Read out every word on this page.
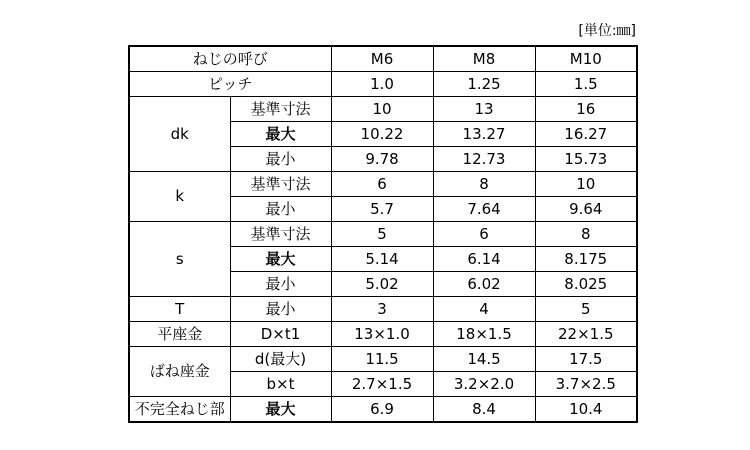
[単位:㎜]
ねじの呼び		M6	M8	M10
ピッチ		1.0	1.25	1.5
dk	基準寸法	10	13	16
	最大	10.22	13.27	16.27
	最小	9.78	12.73	15.73
k	基準寸法	6	8	10
	最小	5.7	7.64	9.64
s	基準寸法	5	6	8
	最大	5.14	6.14	8.175
	最小	5.02	6.02	8.025
T	最小	3	4	5
平座金	D×t1	13×1.0	18×1.5	22×1.5
ばね座金	d(最大)	11.5	14.5	17.5
	b×t	2.7×1.5	3.2×2.0	3.7×2.5
不完全ねじ部	最大	6.9	8.4	10.4
